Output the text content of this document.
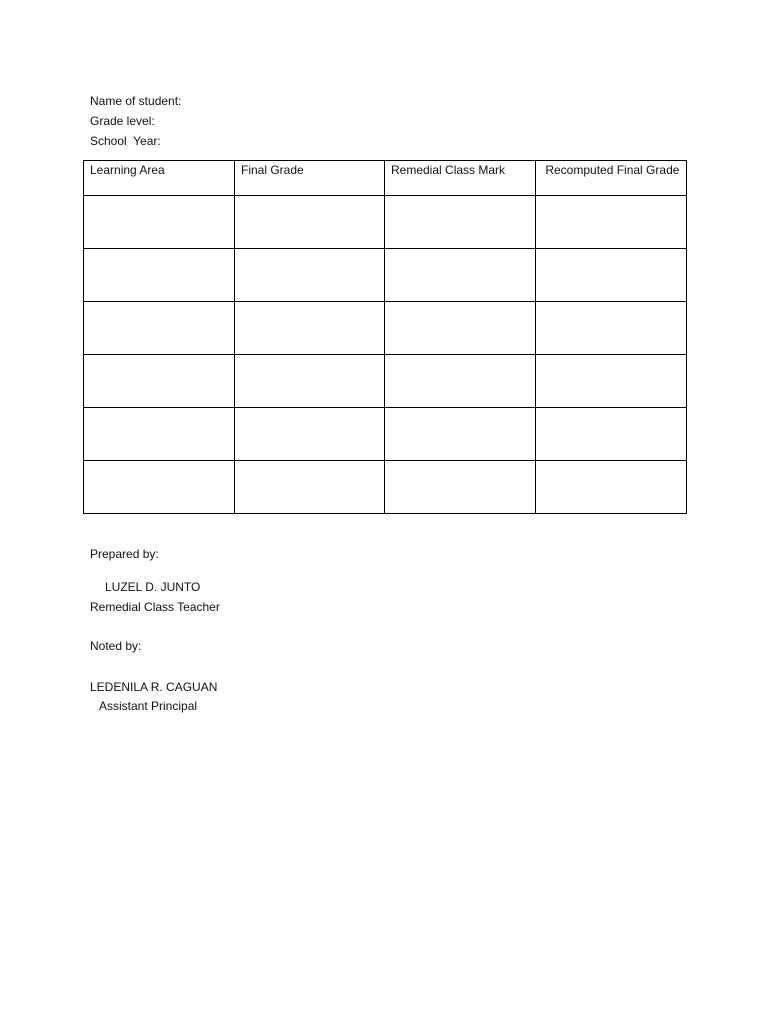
Name of student:
Grade level:
School  Year:
Learning Area	Final Grade	Remedial Class Mark	Recomputed Final Grade

Prepared by:
LUZEL D. JUNTO
Remedial Class Teacher
Noted by:
LEDENILA R. CAGUAN
Assistant Principal
